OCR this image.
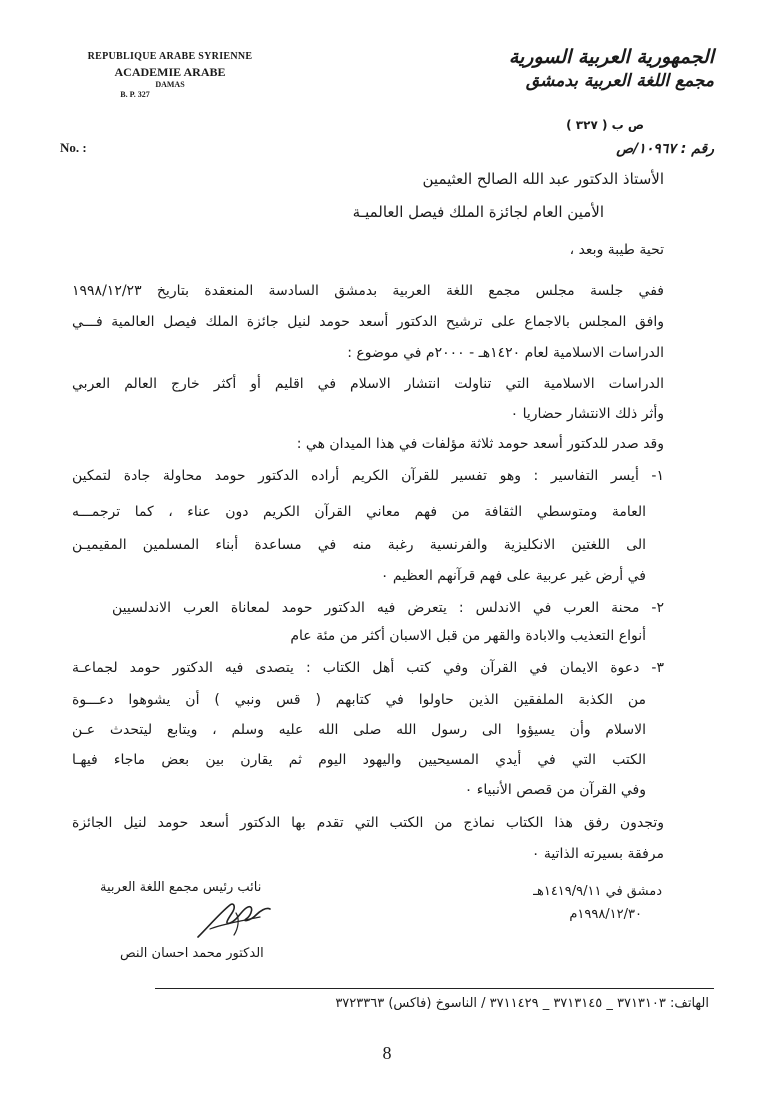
REPUBLIQUE ARABE SYRIENNE
ACADEMIE ARABE
DAMAS
B. P. 327
No. :
الجمهورية العربية السورية
مجمع اللغة العربية بدمشق
ص ب ( ٣٢٧ )
رقم : ١٠٩٦٧/ص
الأستاذ الدكتور عبد الله الصالح العثيمين
الأمين العام لجائزة الملك فيصل العالميـة
تحية طيبة وبعد ،
ففي جلسة مجلس مجمع اللغة العربية بدمشق السادسة المنعقدة بتاريخ ١٩٩٨/١٢/٢٣
وافق المجلس بالاجماع على ترشيح الدكتور أسعد حومد لنيل جائزة الملك فيصل العالمية فـــي
الدراسات الاسلامية لعام ١٤٢٠هـ - ٢٠٠٠م في موضوع :
الدراسات الاسلامية التي تناولت انتشار الاسلام في اقليم أو أكثر خارج العالم العربي
وأثر ذلك الانتشار حضاريا ٠
وقد صدر للدكتور أسعد حومد ثلاثة مؤلفات في هذا الميدان هي :
١- أيسر التفاسير : وهو تفسير للقرآن الكريم أراده الدكتور حومد محاولة جادة لتمكين
العامة ومتوسطي الثقافة من فهم معاني القرآن الكريم دون عناء ، كما ترجمـــه
الى اللغتين الانكليزية والفرنسية رغبة منه في مساعدة أبناء المسلمين المقيميـن
في أرض غير عربية على فهم قرآنهم العظيم ٠
٢- محنة العرب في الاندلس : يتعرض فيه الدكتور حومد لمعاناة العرب الاندلسيين
أنواع التعذيب والابادة والقهر من قبل الاسبان أكثر من مئة عام
٣- دعوة الايمان في القرآن وفي كتب أهل الكتاب : يتصدى فيه الدكتور حومد لجماعـة
من الكذبة الملفقين الذين حاولوا في كتابهم ( قس ونبي ) أن يشوهوا دعـــوة
الاسلام وأن يسيؤوا الى رسول الله صلى الله عليه وسلم ، ويتابع ليتحدث عـن
الكتب التي في أيدي المسيحيين واليهود اليوم ثم يقارن بين بعض ماجاء فيهـا
وفي القرآن من قصص الأنبياء ٠
وتجدون رفق هذا الكتاب نماذج من الكتب التي تقدم بها الدكتور أسعد حومد لنيل الجائزة
مرفقة بسيرته الذاتية ٠
دمشق في ١٤١٩/٩/١١هـ
١٩٩٨/١٢/٣٠م
نائب رئيس مجمع اللغة العربية
الدكتور محمد احسان النص
الهاتف: ٣٧١٣١٠٣ _ ٣٧١٣١٤٥ _ ٣٧١١٤٢٩ / الناسوخ (فاكس) ٣٧٢٣٣٦٣
8
